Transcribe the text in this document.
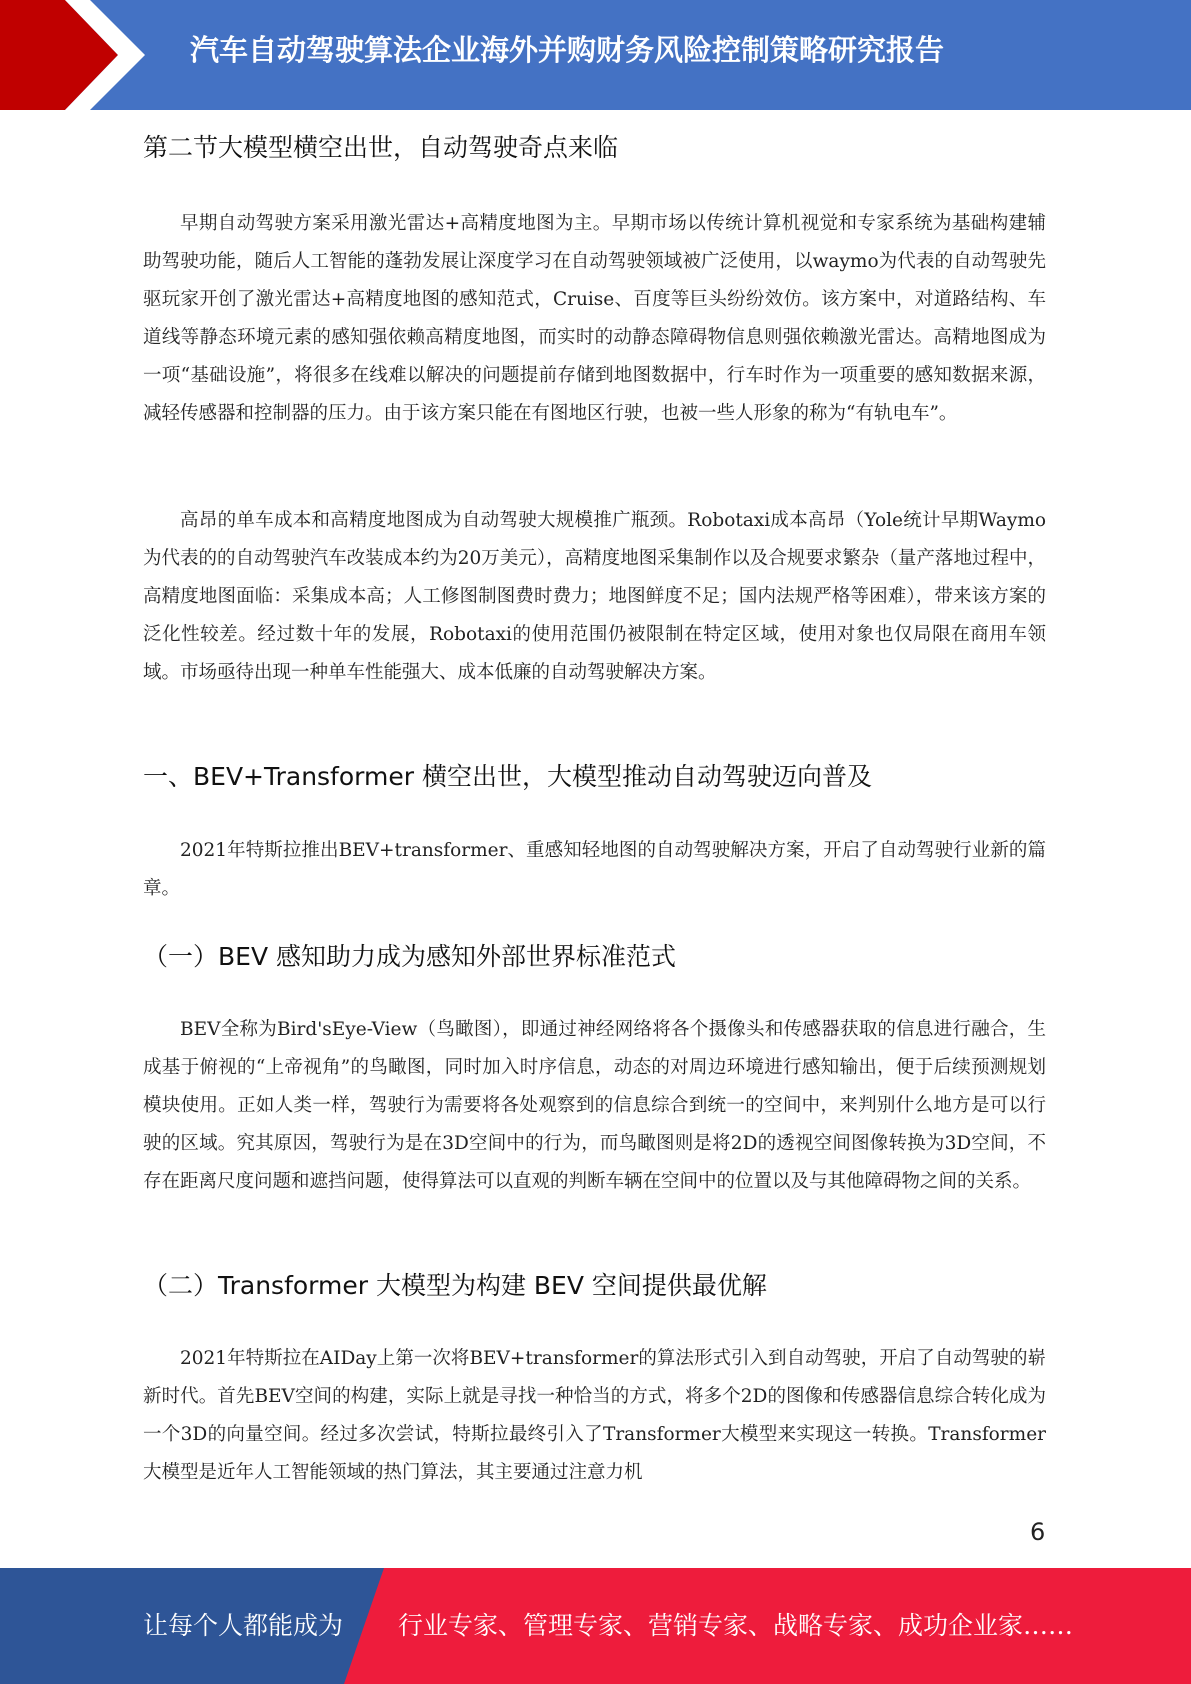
汽车自动驾驶算法企业海外并购财务风险控制策略研究报告
第二节大模型横空出世，自动驾驶奇点来临

早期自动驾驶方案采用激光雷达+高精度地图为主。早期市场以传统计算机视觉和专家系统为基础构建辅助驾驶功能，随后人工智能的蓬勃发展让深度学习在自动驾驶领域被广泛使用，以waymo为代表的自动驾驶先驱玩家开创了激光雷达+高精度地图的感知范式，Cruise、百度等巨头纷纷效仿。该方案中，对道路结构、车道线等静态环境元素的感知强依赖高精度地图，而实时的动静态障碍物信息则强依赖激光雷达。高精地图成为一项“基础设施”，将很多在线难以解决的问题提前存储到地图数据中，行车时作为一项重要的感知数据来源，减轻传感器和控制器的压力。由于该方案只能在有图地区行驶，也被一些人形象的称为“有轨电车”。

高昂的单车成本和高精度地图成为自动驾驶大规模推广瓶颈。Robotaxi成本高昂（Yole统计早期Waymo为代表的的自动驾驶汽车改装成本约为20万美元），高精度地图采集制作以及合规要求繁杂（量产落地过程中，高精度地图面临：采集成本高；人工修图制图费时费力；地图鲜度不足；国内法规严格等困难），带来该方案的泛化性较差。经过数十年的发展，Robotaxi的使用范围仍被限制在特定区域，使用对象也仅局限在商用车领域。市场亟待出现一种单车性能强大、成本低廉的自动驾驶解决方案。

一、BEV+Transformer 横空出世，大模型推动自动驾驶迈向普及

2021年特斯拉推出BEV+transformer、重感知轻地图的自动驾驶解决方案，开启了自动驾驶行业新的篇章。

（一）BEV 感知助力成为感知外部世界标准范式

BEV全称为Bird'sEye-View（鸟瞰图），即通过神经网络将各个摄像头和传感器获取的信息进行融合，生成基于俯视的“上帝视角”的鸟瞰图，同时加入时序信息，动态的对周边环境进行感知输出，便于后续预测规划模块使用。正如人类一样，驾驶行为需要将各处观察到的信息综合到统一的空间中，来判别什么地方是可以行驶的区域。究其原因，驾驶行为是在3D空间中的行为，而鸟瞰图则是将2D的透视空间图像转换为3D空间，不存在距离尺度问题和遮挡问题，使得算法可以直观的判断车辆在空间中的位置以及与其他障碍物之间的关系。

（二）Transformer 大模型为构建 BEV 空间提供最优解

2021年特斯拉在AIDay上第一次将BEV+transformer的算法形式引入到自动驾驶，开启了自动驾驶的崭新时代。首先BEV空间的构建，实际上就是寻找一种恰当的方式，将多个2D的图像和传感器信息综合转化成为一个3D的向量空间。经过多次尝试，特斯拉最终引入了Transformer大模型来实现这一转换。Transformer大模型是近年人工智能领域的热门算法，其主要通过注意力机

6
让每个人都能成为 行业专家、管理专家、营销专家、战略专家、成功企业家……
